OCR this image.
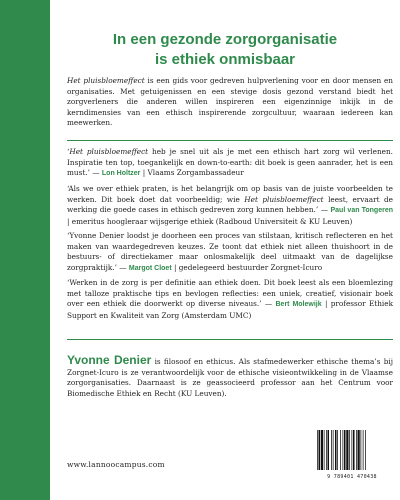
In een gezonde zorgorganisatie
is ethiek onmisbaar
Het pluisbloemeffect is een gids voor gedreven hulpverlening voor en door mensen en organisaties. Met getuigenissen en een stevige dosis gezond verstand biedt het zorgverleners die anderen willen inspireren een eigenzinnige inkijk in de kerndimensies van een ethisch inspirerende zorgcultuur, waaraan iedereen kan meewerken.
‘Het pluisbloemeffect heb je snel uit als je met een ethisch hart zorg wil verlenen. Inspiratie ten top, toegankelijk en down-to-earth: dit boek is geen aanrader, het is een must.’ — Lon Holtzer | Vlaams Zorgambassadeur
‘Als we over ethiek praten, is het belangrijk om op basis van de juiste voorbeelden te werken. Dit boek doet dat voorbeeldig; wie Het pluisbloemeffect leest, ervaart de werking die goede cases in ethisch gedreven zorg kunnen hebben.’ — Paul van Tongeren | emeritus hoogleraar wijsgerige ethiek (Radboud Universiteit & KU Leuven)
‘Yvonne Denier loodst je doorheen een proces van stilstaan, kritisch reflecteren en het maken van waardegedreven keuzes. Ze toont dat ethiek niet alleen thuishoort in de bestuurs- of directiekamer maar onlosmakelijk deel uitmaakt van de dagelijkse zorgpraktijk.’ — Margot Cloet | gedelegeerd bestuurder Zorgnet-Icuro
‘Werken in de zorg is per definitie aan ethiek doen. Dit boek leest als een bloemlezing met talloze praktische tips en bevlogen reflecties: een uniek, creatief, visionair boek over een ethiek die doorwerkt op diverse niveaus.’ — Bert Molewijk | professor Ethiek Support en Kwaliteit van Zorg (Amsterdam UMC)
Yvonne Denier is filosoof en ethicus. Als stafmedewerker ethische thema’s bij Zorgnet-Icuro is ze verantwoordelijk voor de ethische visieontwikkeling in de Vlaamse zorgorganisaties. Daarnaast is ze geassocieerd professor aan het Centrum voor Biomedische Ethiek en Recht (KU Leuven).
www.lannoocampus.com
9 789401 470438
